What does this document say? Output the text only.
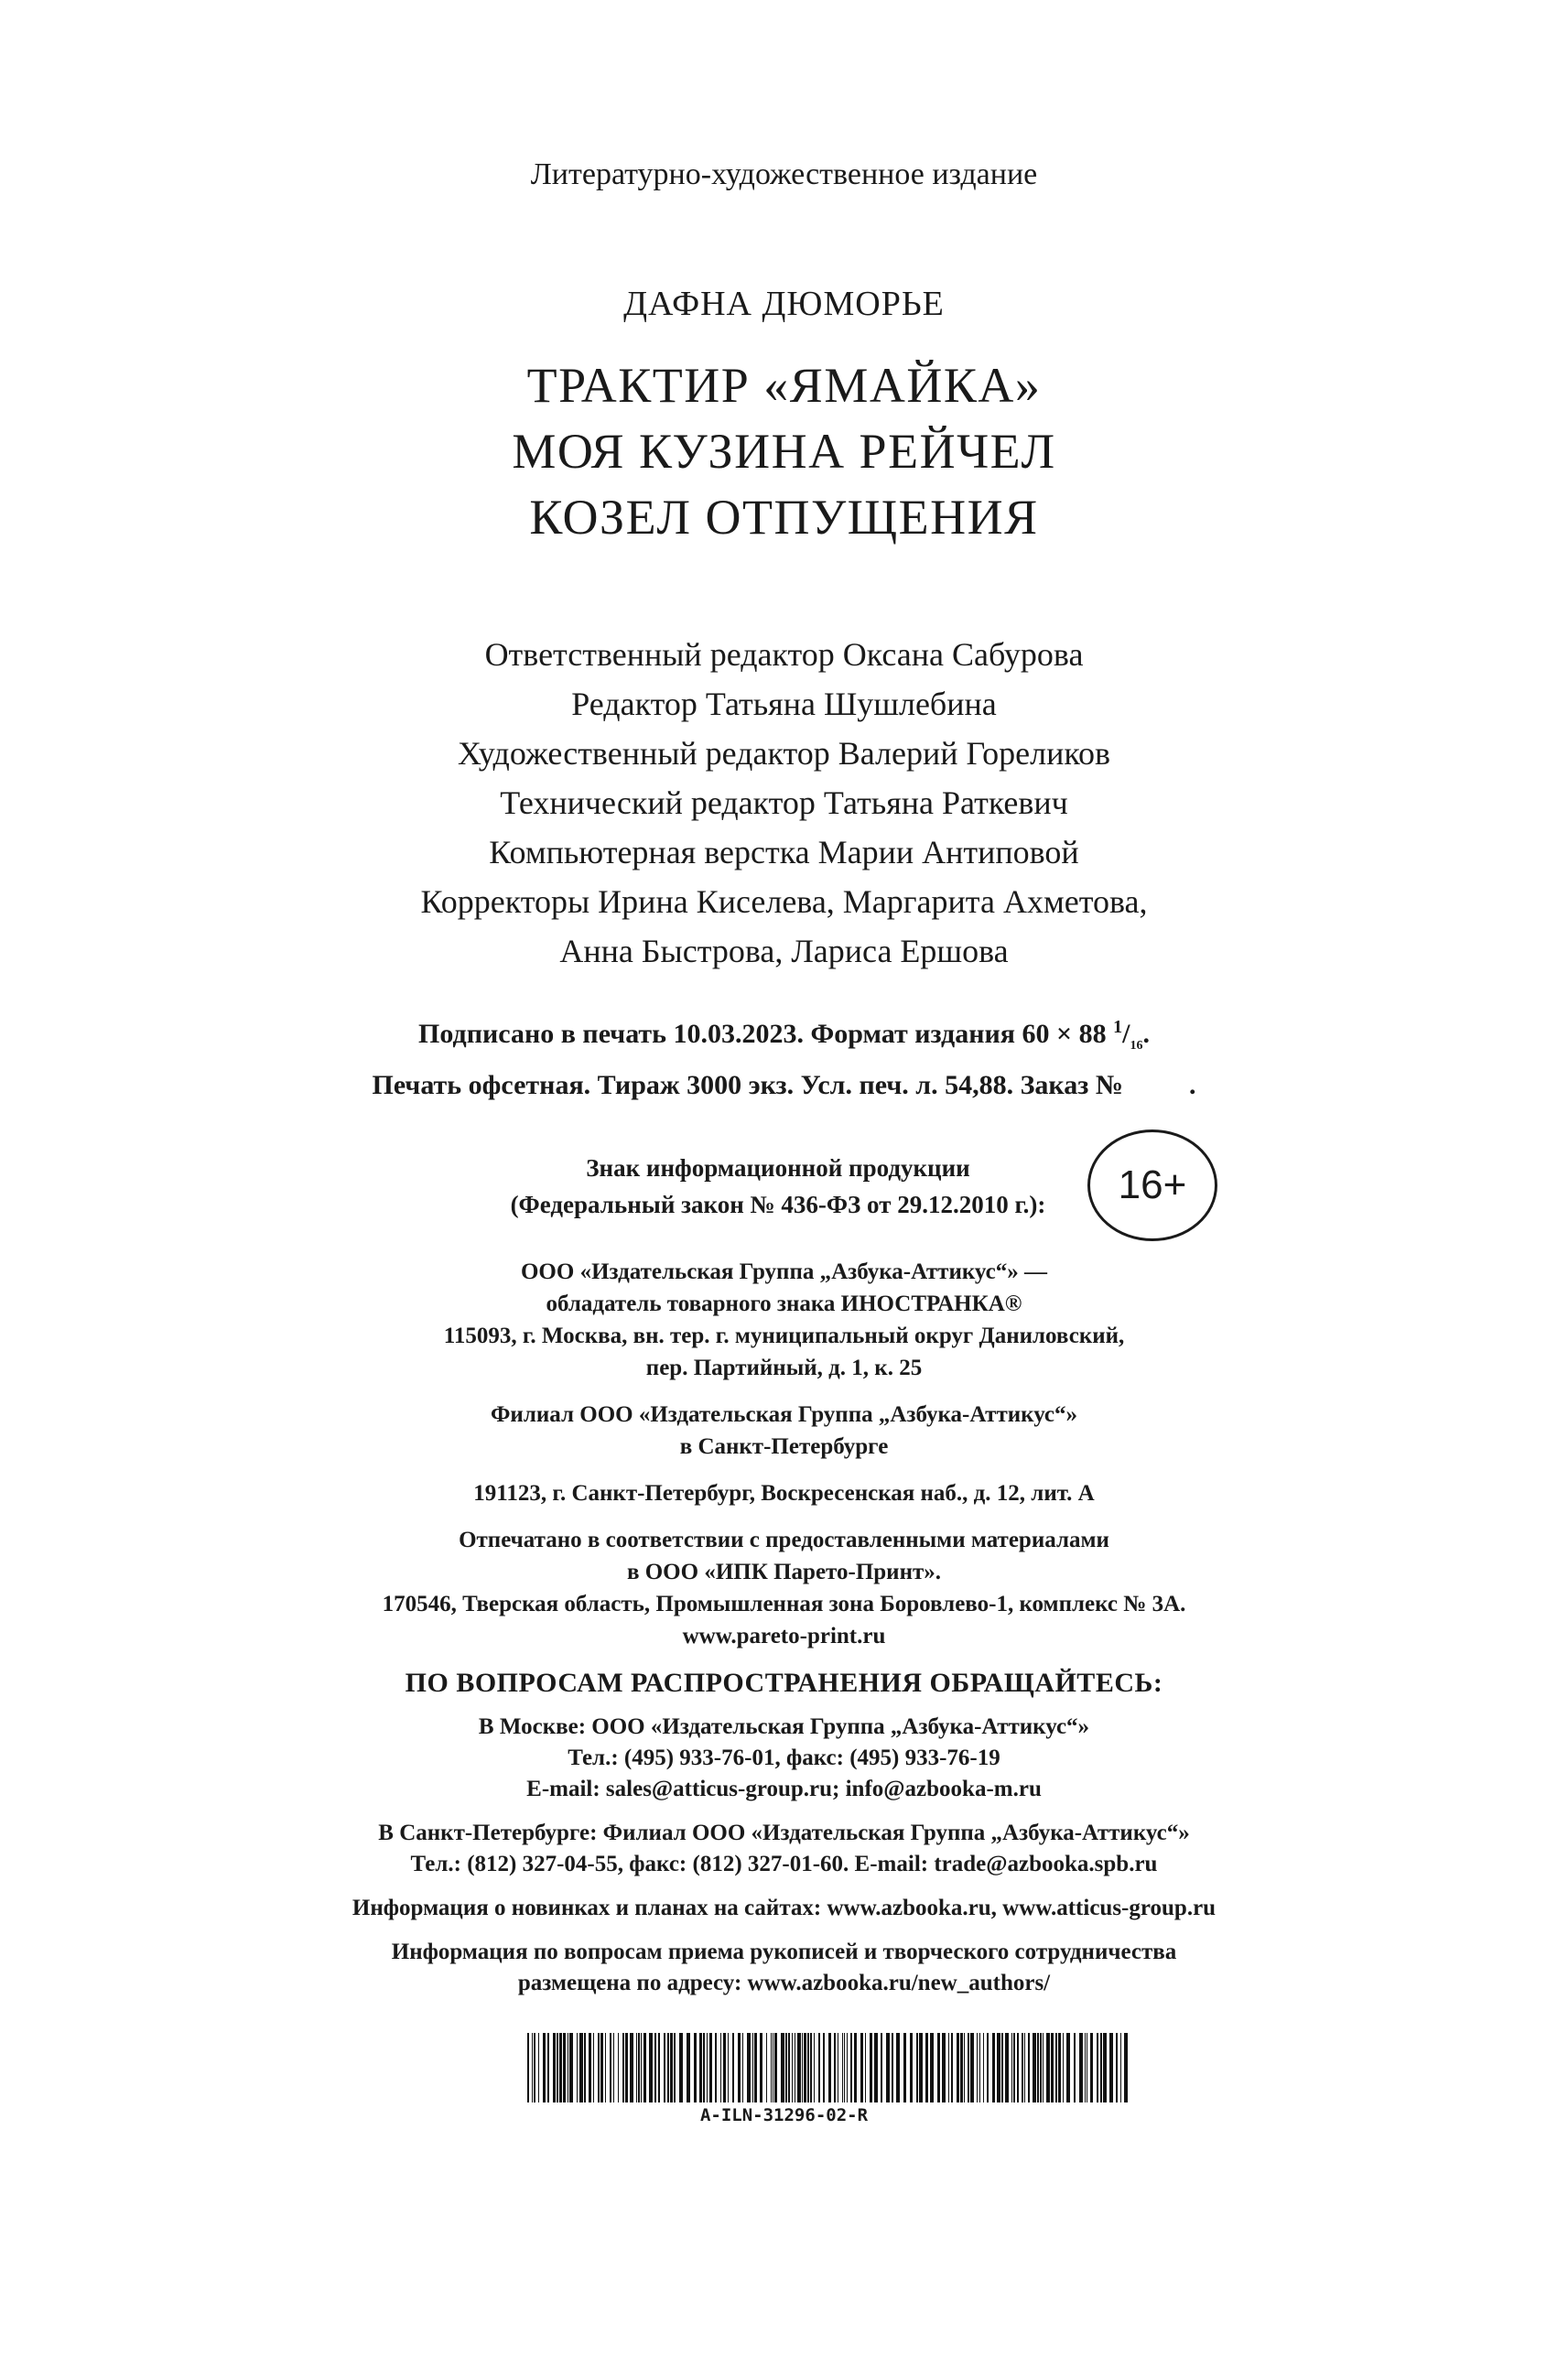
Литературно-художественное издание

ДАФНА ДЮМОРЬЕ

ТРАКТИР «ЯМАЙКА»
МОЯ КУЗИНА РЕЙЧЕЛ
КОЗЕЛ ОТПУЩЕНИЯ
Ответственный редактор Оксана Сабурова
Редактор Татьяна Шушлебина
Художественный редактор Валерий Гореликов
Технический редактор Татьяна Раткевич
Компьютерная верстка Марии Антиповой
Корректоры Ирина Киселева, Маргарита Ахметова,
Анна Быстрова, Лариса Ершова
Подписано в печать 10.03.2023. Формат издания 60 × 88 $^1/_{16}$.
Печать офсетная. Тираж 3000 экз. Усл. печ. л. 54,88. Заказ № .
Знак информационной продукции
(Федеральный закон № 436-ФЗ от 29.12.2010 г.):	16+
ООО «Издательская Группа „Азбука-Аттикус“» —
обладатель товарного знака ИНОСТРАНКА®
115093, г. Москва, вн. тер. г. муниципальный округ Даниловский,
пер. Партийный, д. 1, к. 25
Филиал ООО «Издательская Группа „Азбука-Аттикус“»
в Санкт-Петербурге
191123, г. Санкт-Петербург, Воскресенская наб., д. 12, лит. А
Отпечатано в соответствии с предоставленными материалами
в ООО «ИПК Парето-Принт».
170546, Тверская область, Промышленная зона Боровлево-1, комплекс № 3А.
www.pareto-print.ru

ПО ВОПРОСАМ РАСПРОСТРАНЕНИЯ ОБРАЩАЙТЕСЬ:

В Москве: ООО «Издательская Группа „Азбука-Аттикус“»
Тел.: (495) 933-76-01, факс: (495) 933-76-19
E-mail: sales@atticus-group.ru; info@azbooka-m.ru
В Санкт-Петербурге: Филиал ООО «Издательская Группа „Азбука-Аттикус“»
Тел.: (812) 327-04-55, факс: (812) 327-01-60. E-mail: trade@azbooka.spb.ru
Информация о новинках и планах на сайтах: www.azbooka.ru, www.atticus-group.ru
Информация по вопросам приема рукописей и творческого сотрудничества
размещена по адресу: www.azbooka.ru/new_authors/
A-ILN-31296-02-R
